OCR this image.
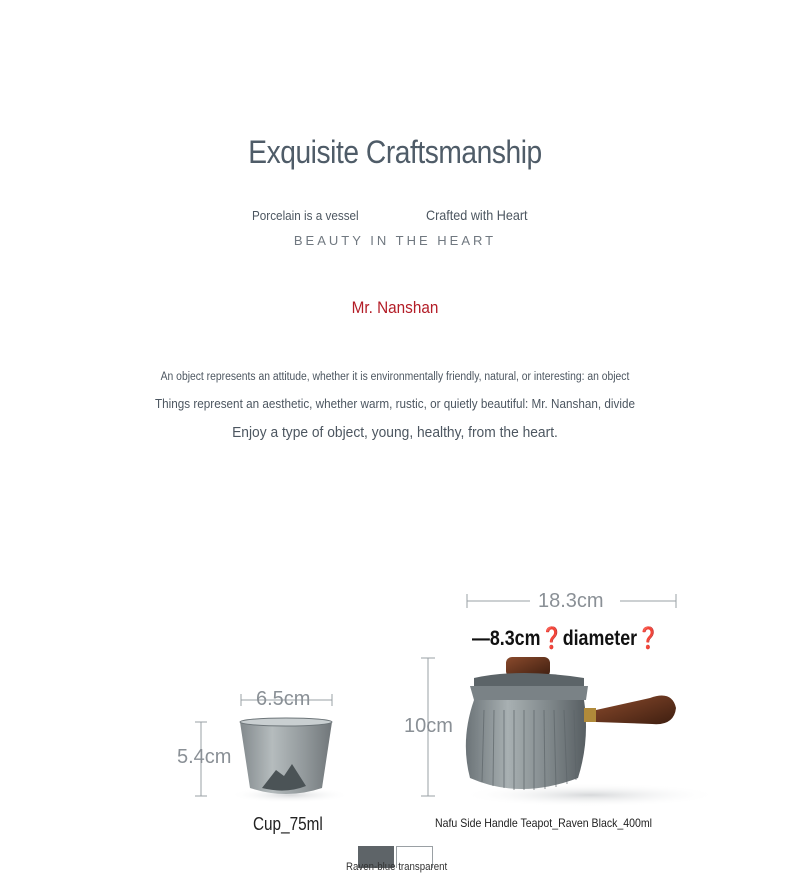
Exquisite Craftsmanship
Porcelain is a vessel	Crafted with Heart
BEAUTY IN THE HEART
Mr. Nanshan
An object represents an attitude, whether it is environmentally friendly, natural, or interesting: an object
Things represent an aesthetic, whether warm, rustic, or quietly beautiful: Mr. Nanshan, divide
Enjoy a type of object, young, healthy, from the heart.
6.5cm
5.4cm
18.3cm
—8.3cm❓diameter❓
10cm
Cup_75ml	Nafu Side Handle Teapot_Raven Black_400ml
Raven-blue transparent
